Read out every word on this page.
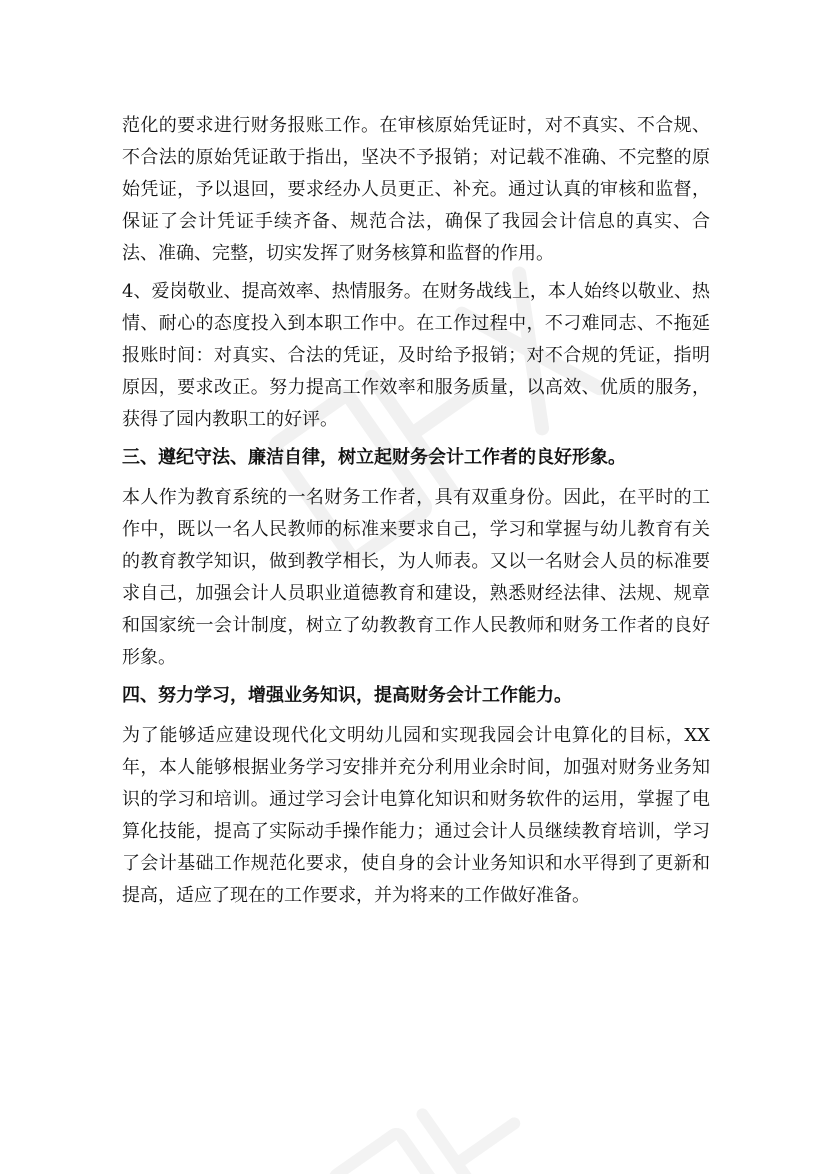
范化的要求进行财务报账工作。在审核原始凭证时，对不真实、不合规、不合法的原始凭证敢于指出，坚决不予报销；对记载不准确、不完整的原始凭证，予以退回，要求经办人员更正、补充。通过认真的审核和监督，保证了会计凭证手续齐备、规范合法，确保了我园会计信息的真实、合法、准确、完整，切实发挥了财务核算和监督的作用。

4、爱岗敬业、提高效率、热情服务。在财务战线上，本人始终以敬业、热情、耐心的态度投入到本职工作中。在工作过程中，不刁难同志、不拖延报账时间：对真实、合法的凭证，及时给予报销；对不合规的凭证，指明原因，要求改正。努力提高工作效率和服务质量，以高效、优质的服务，获得了园内教职工的好评。

三、遵纪守法、廉洁自律，树立起财务会计工作者的良好形象。

本人作为教育系统的一名财务工作者，具有双重身份。因此，在平时的工作中，既以一名人民教师的标准来要求自己，学习和掌握与幼儿教育有关的教育教学知识，做到教学相长，为人师表。又以一名财会人员的标准要求自己，加强会计人员职业道德教育和建设，熟悉财经法律、法规、规章和国家统一会计制度，树立了幼教教育工作人民教师和财务工作者的良好形象。

四、努力学习，增强业务知识，提高财务会计工作能力。

为了能够适应建设现代化文明幼儿园和实现我园会计电算化的目标，XX年，本人能够根据业务学习安排并充分利用业余时间，加强对财务业务知识的学习和培训。通过学习会计电算化知识和财务软件的运用，掌握了电算化技能，提高了实际动手操作能力；通过会计人员继续教育培训，学习了会计基础工作规范化要求，使自身的会计业务知识和水平得到了更新和提高，适应了现在的工作要求，并为将来的工作做好准备。
